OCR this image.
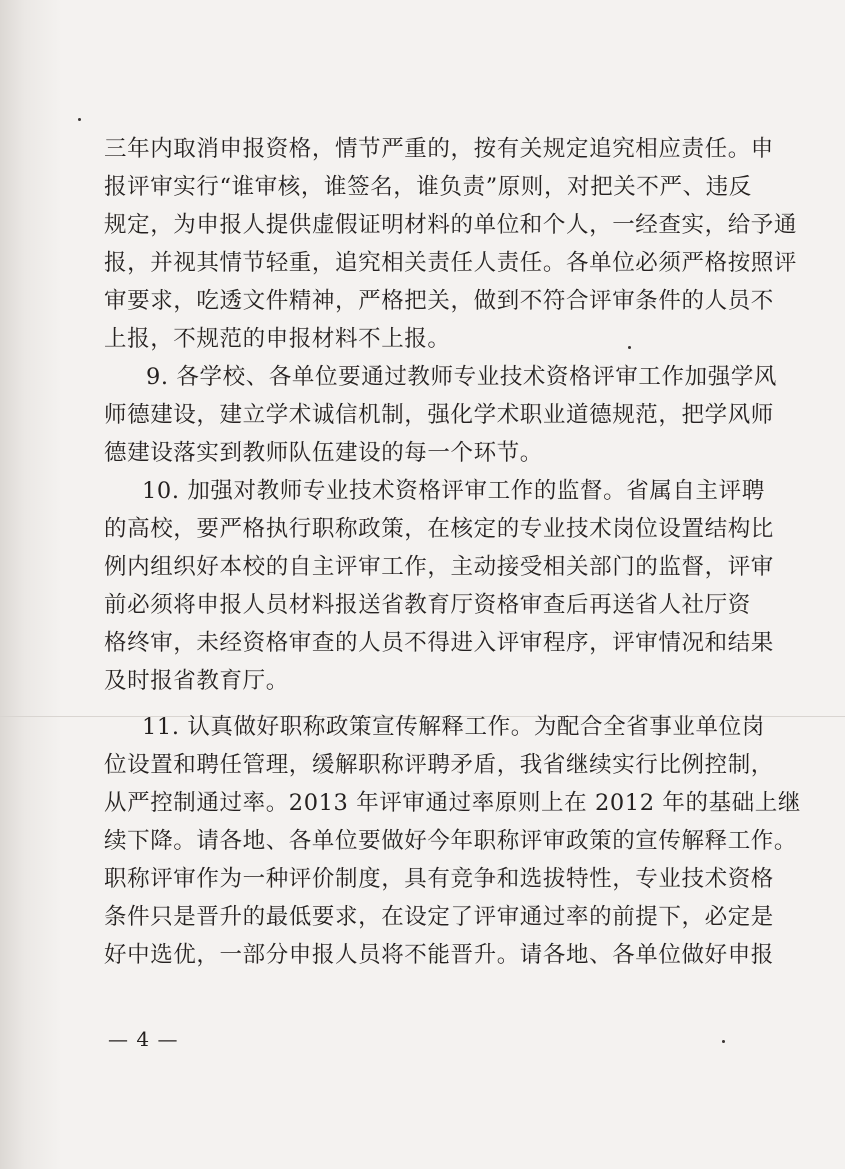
三年内取消申报资格，情节严重的，按有关规定追究相应责任。申
报评审实行“谁审核，谁签名，谁负责”原则，对把关不严、违反
规定，为申报人提供虚假证明材料的单位和个人，一经查实，给予通
报，并视其情节轻重，追究相关责任人责任。各单位必须严格按照评
审要求，吃透文件精神，严格把关，做到不符合评审条件的人员不
上报，不规范的申报材料不上报。
9. 各学校、各单位要通过教师专业技术资格评审工作加强学风
师德建设，建立学术诚信机制，强化学术职业道德规范，把学风师
德建设落实到教师队伍建设的每一个环节。
10. 加强对教师专业技术资格评审工作的监督。省属自主评聘
的高校，要严格执行职称政策，在核定的专业技术岗位设置结构比
例内组织好本校的自主评审工作，主动接受相关部门的监督，评审
前必须将申报人员材料报送省教育厅资格审查后再送省人社厅资
格终审，未经资格审查的人员不得进入评审程序，评审情况和结果
及时报省教育厅。
11. 认真做好职称政策宣传解释工作。为配合全省事业单位岗
位设置和聘任管理，缓解职称评聘矛盾，我省继续实行比例控制，
从严控制通过率。2013 年评审通过率原则上在 2012 年的基础上继
续下降。请各地、各单位要做好今年职称评审政策的宣传解释工作。
职称评审作为一种评价制度，具有竞争和选拔特性，专业技术资格
条件只是晋升的最低要求，在设定了评审通过率的前提下，必定是
好中选优，一部分申报人员将不能晋升。请各地、各单位做好申报
— 4 —
